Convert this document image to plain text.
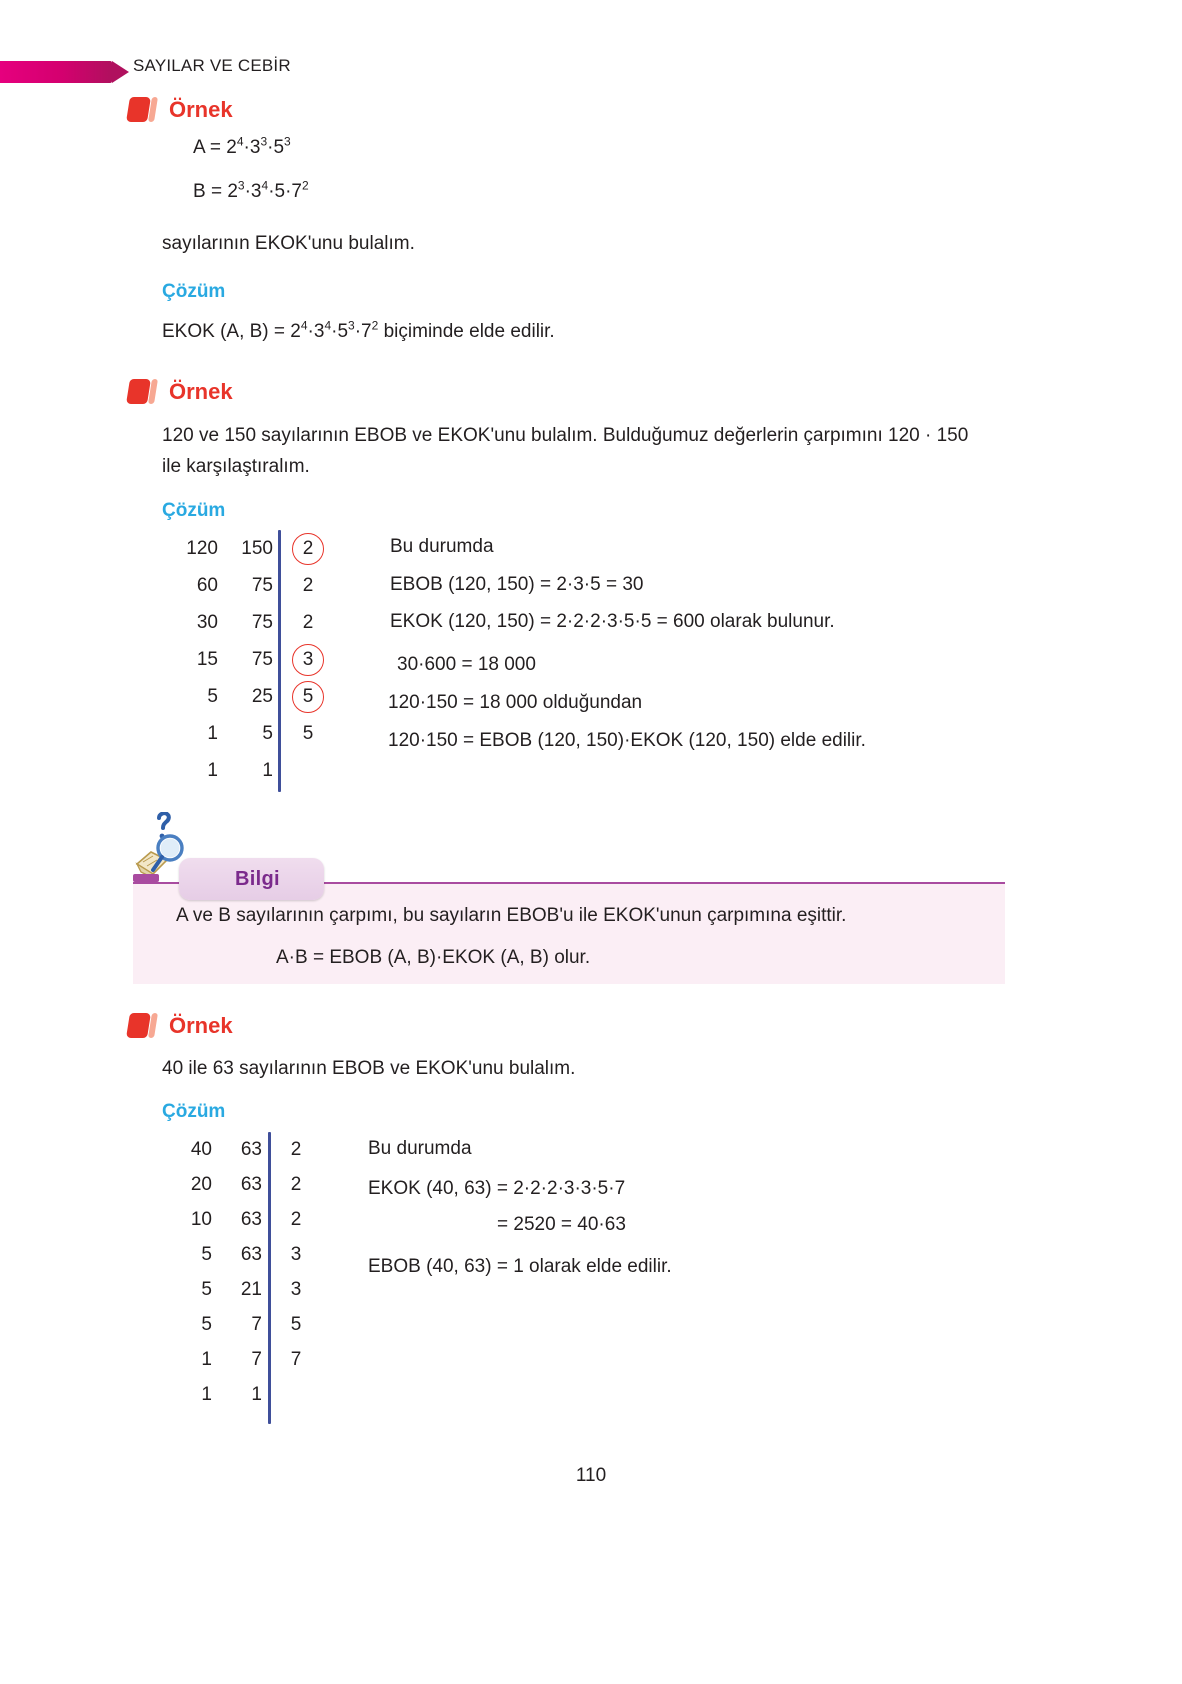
SAYILAR VE CEBİR
Örnek
$A = 2^4\cdot 3^3\cdot 5^3$
$B = 2^3\cdot 3^4\cdot 5\cdot 7^2$
sayılarının EKOK'unu bulalım.
Çözüm
EKOK (A, $B) = 2^4\cdot 3^4\cdot 5^3\cdot 7^2$ biçiminde elde edilir.
Örnek
120 ve 150 sayılarının EBOB ve EKOK'unu bulalım. Bulduğumuz değerlerin çarpımını 120 · 150
ile karşılaştıralım.
Çözüm
120	150	2
60	75	2
30	75	2
15	75	3
5	25	5
1	5	5
1	1
Bu durumda
EBOB (120, 150) = 2·3·5 = 30
EKOK (120, 150) = 2·2·2·3·5·5 = 600 olarak bulunur.
30·600 = 18 000
120·150 = 18 000 olduğundan
120·150 = EBOB (120, 150)·EKOK (120, 150) elde edilir.
Bilgi
A ve B sayılarının çarpımı, bu sayıların EBOB'u ile EKOK'unun çarpımına eşittir.
A·B = EBOB (A, B)·EKOK (A, B) olur.
Örnek
40 ile 63 sayılarının EBOB ve EKOK'unu bulalım.
Çözüm
40	63	2
20	63	2
10	63	2
5	63	3
5	21	3
5	7	5
1	7	7
1	1
Bu durumda
EKOK (40, 63) = 2·2·2·3·3·5·7
= 2520 = 40·63
EBOB (40, 63) = 1 olarak elde edilir.
110
